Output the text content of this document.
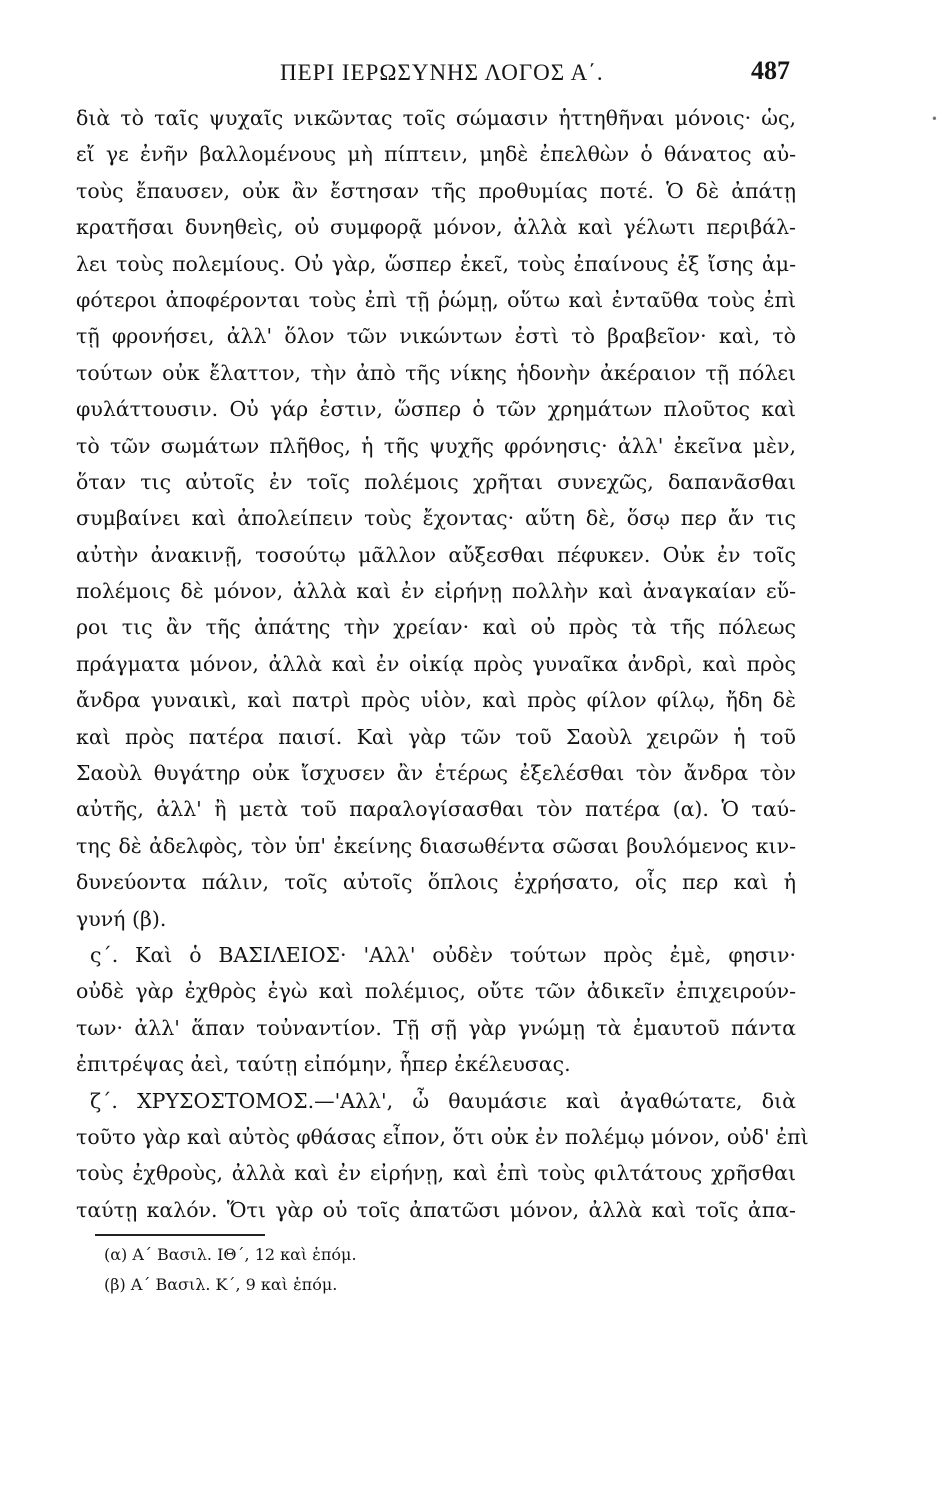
ΠΕΡΙ ΙΕΡΩΣΥΝΗΣ ΛΟΓΟΣ Α΄.	487
•
διὰ τὸ ταῖς ψυχαῖς νικῶντας τοῖς σώμασιν ἡττηθῆναι μόνοις· ὡς,
εἴ γε ἐνῆν βαλλομένους μὴ πίπτειν, μηδὲ ἐπελθὼν ὁ θάνατος αὐ-
τοὺς ἔπαυσεν, οὐκ ἂν ἔστησαν τῆς προθυμίας ποτέ. Ὁ δὲ ἀπάτῃ
κρατῆσαι δυνηθεὶς, οὐ συμφορᾷ μόνον, ἀλλὰ καὶ γέλωτι περιβάλ-
λει τοὺς πολεμίους. Οὐ γὰρ, ὥσπερ ἐκεῖ, τοὺς ἐπαίνους ἐξ ἴσης ἀμ-
φότεροι ἀποφέρονται τοὺς ἐπὶ τῇ ῥώμῃ, οὕτω καὶ ἐνταῦθα τοὺς ἐπὶ
τῇ φρονήσει, ἀλλ' ὅλον τῶν νικώντων ἐστὶ τὸ βραβεῖον· καὶ, τὸ
τούτων οὐκ ἔλαττον, τὴν ἀπὸ τῆς νίκης ἡδονὴν ἀκέραιον τῇ πόλει
φυλάττουσιν. Οὐ γάρ ἐστιν, ὥσπερ ὁ τῶν χρημάτων πλοῦτος καὶ
τὸ τῶν σωμάτων πλῆθος, ἡ τῆς ψυχῆς φρόνησις· ἀλλ' ἐκεῖνα μὲν,
ὅταν τις αὐτοῖς ἐν τοῖς πολέμοις χρῆται συνεχῶς, δαπανᾶσθαι
συμβαίνει καὶ ἀπολείπειν τοὺς ἔχοντας· αὕτη δὲ, ὅσῳ περ ἄν τις
αὐτὴν ἀνακινῇ, τοσούτῳ μᾶλλον αὔξεσθαι πέφυκεν. Οὐκ ἐν τοῖς
πολέμοις δὲ μόνον, ἀλλὰ καὶ ἐν εἰρήνῃ πολλὴν καὶ ἀναγκαίαν εὕ-
ροι τις ἂν τῆς ἀπάτης τὴν χρείαν· καὶ οὐ πρὸς τὰ τῆς πόλεως
πράγματα μόνον, ἀλλὰ καὶ ἐν οἰκίᾳ πρὸς γυναῖκα ἀνδρὶ, καὶ πρὸς
ἄνδρα γυναικὶ, καὶ πατρὶ πρὸς υἱὸν, καὶ πρὸς φίλον φίλῳ, ἤδη δὲ
καὶ πρὸς πατέρα παισί. Καὶ γὰρ τῶν τοῦ Σαοὺλ χειρῶν ἡ τοῦ
Σαοὺλ θυγάτηρ οὐκ ἴσχυσεν ἂν ἑτέρως ἐξελέσθαι τὸν ἄνδρα τὸν
αὐτῆς, ἀλλ' ἢ μετὰ τοῦ παραλογίσασθαι τὸν πατέρα (α). Ὁ ταύ-
της δὲ ἀδελφὸς, τὸν ὑπ' ἐκείνης διασωθέντα σῶσαι βουλόμενος κιν-
δυνεύοντα πάλιν, τοῖς αὐτοῖς ὅπλοις ἐχρήσατο, οἷς περ καὶ ἡ
γυνή (β).
ς΄. Καὶ ὁ ΒΑΣΙΛΕΙΟΣ· 'Αλλ' οὐδὲν τούτων πρὸς ἐμὲ, φησιν·
οὐδὲ γὰρ ἐχθρὸς ἐγὼ καὶ πολέμιος, οὔτε τῶν ἀδικεῖν ἐπιχειρούν-
των· ἀλλ' ἅπαν τοὐναντίον. Τῇ σῇ γὰρ γνώμῃ τὰ ἐμαυτοῦ πάντα
ἐπιτρέψας ἀεὶ, ταύτῃ εἰπόμην, ἧπερ ἐκέλευσας.
ζ΄. ΧΡΥΣΟΣΤΟΜΟΣ.—'Αλλ', ὦ θαυμάσιε καὶ ἀγαθώτατε, διὰ
τοῦτο γὰρ καὶ αὐτὸς φθάσας εἶπον, ὅτι οὐκ ἐν πολέμῳ μόνον, οὐδ' ἐπὶ
τοὺς ἐχθροὺς, ἀλλὰ καὶ ἐν εἰρήνῃ, καὶ ἐπὶ τοὺς φιλτάτους χρῆσθαι
ταύτῃ καλόν. Ὅτι γὰρ οὐ τοῖς ἀπατῶσι μόνον, ἀλλὰ καὶ τοῖς ἀπα-
(α) Α΄ Βασιλ. ΙΘ΄, 12 καὶ ἑπόμ.
(β) Α΄ Βασιλ. Κ΄, 9 καὶ ἑπόμ.
